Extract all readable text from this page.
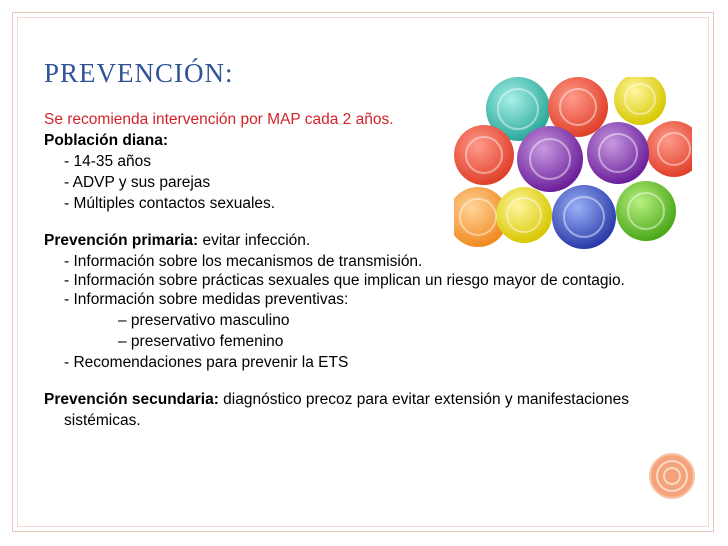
PREVENCIÓN:
Se recomienda intervención por MAP cada 2 años.
Población diana:
- 14-35 años
- ADVP y sus parejas
- Múltiples contactos sexuales.
Prevención primaria: evitar infección.
- Información sobre los mecanismos de transmisión.
- Información sobre prácticas sexuales que implican un riesgo mayor de contagio.
- Información sobre medidas preventivas:
– preservativo masculino
– preservativo femenino
- Recomendaciones para prevenir la ETS
Prevención secundaria: diagnóstico precoz para evitar extensión y manifestaciones sistémicas.
